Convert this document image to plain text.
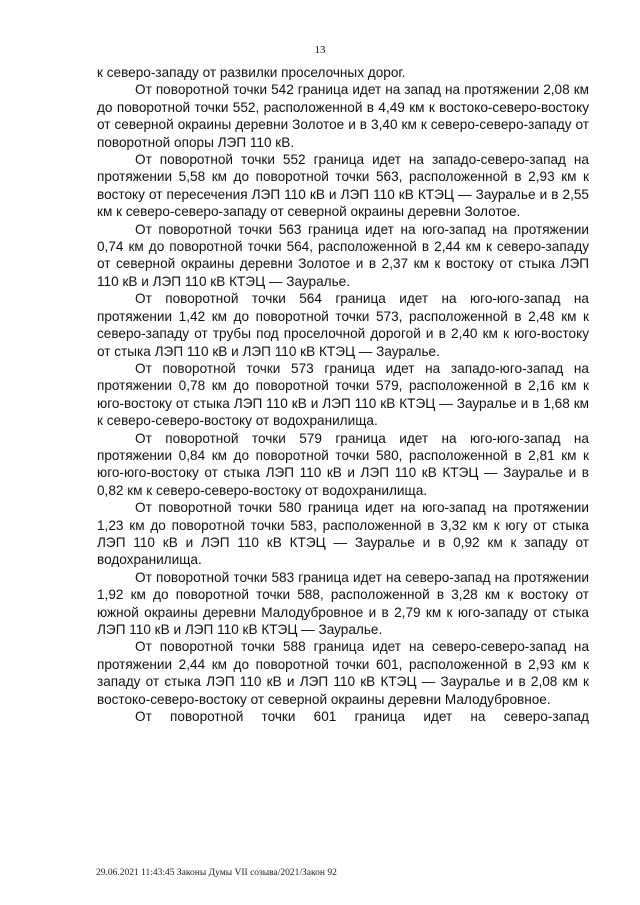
13

к северо-западу от развилки проселочных дорог.

От поворотной точки 542 граница идет на запад на протяжении 2,08 км до поворотной точки 552, расположенной в 4,49 км к востоко-северо-востоку от северной окраины деревни Золотое и в 3,40 км к северо-северо-западу от поворотной опоры ЛЭП 110 кВ.

От поворотной точки 552 граница идет на западо-северо-запад на протяжении 5,58 км до поворотной точки 563, расположенной в 2,93 км к востоку от пересечения ЛЭП 110 кВ и ЛЭП 110 кВ КТЭЦ — Зауралье и в 2,55 км к северо-северо-западу от северной окраины деревни Золотое.

От поворотной точки 563 граница идет на юго-запад на протяжении 0,74 км до поворотной точки 564, расположенной в 2,44 км к северо-западу от северной окраины деревни Золотое и в 2,37 км к востоку от стыка ЛЭП 110 кВ и ЛЭП 110 кВ КТЭЦ — Зауралье.

От поворотной точки 564 граница идет на юго-юго-запад на протяжении 1,42 км до поворотной точки 573, расположенной в 2,48 км к северо-западу от трубы под проселочной дорогой и в 2,40 км к юго-востоку от стыка ЛЭП 110 кВ и ЛЭП 110 кВ КТЭЦ — Зауралье.

От поворотной точки 573 граница идет на западо-юго-запад на протяжении 0,78 км до поворотной точки 579, расположенной в 2,16 км к юго-востоку от стыка ЛЭП 110 кВ и ЛЭП 110 кВ КТЭЦ — Зауралье и в 1,68 км к северо-северо-востоку от водохранилища.

От поворотной точки 579 граница идет на юго-юго-запад на протяжении 0,84 км до поворотной точки 580, расположенной в 2,81 км к юго-юго-востоку от стыка ЛЭП 110 кВ и ЛЭП 110 кВ КТЭЦ — Зауралье и в 0,82 км к северо-северо-востоку от водохранилища.

От поворотной точки 580 граница идет на юго-запад на протяжении 1,23 км до поворотной точки 583, расположенной в 3,32 км к югу от стыка ЛЭП 110 кВ и ЛЭП 110 кВ КТЭЦ — Зауралье и в 0,92 км к западу от водохранилища.

От поворотной точки 583 граница идет на северо-запад на протяжении 1,92 км до поворотной точки 588, расположенной в 3,28 км к востоку от южной окраины деревни Малодубровное и в 2,79 км к юго-западу от стыка ЛЭП 110 кВ и ЛЭП 110 кВ КТЭЦ — Зауралье.

От поворотной точки 588 граница идет на северо-северо-запад на протяжении 2,44 км до поворотной точки 601, расположенной в 2,93 км к западу от стыка ЛЭП 110 кВ и ЛЭП 110 кВ КТЭЦ — Зауралье и в 2,08 км к востоко-северо-востоку от северной окраины деревни Малодубровное.

От поворотной точки 601 граница идет на северо-запад

29.06.2021 11:43:45 Законы Думы VII созыва/2021/Закон 92
